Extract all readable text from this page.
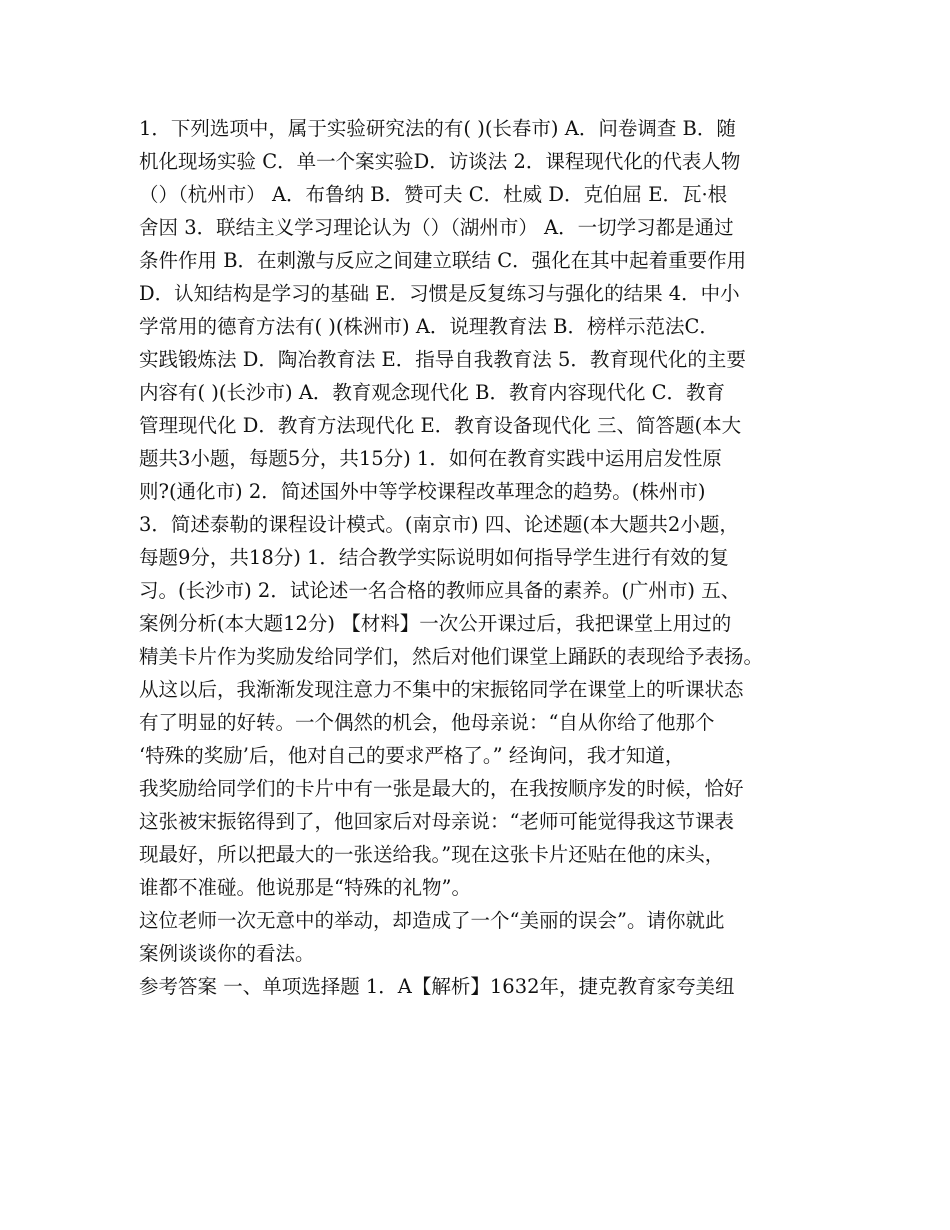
1．下列选项中，属于实验研究法的有( )(长春市) A．问卷调查 B．随
机化现场实验 C．单一个案实验D．访谈法 2．课程现代化的代表人物
（）（杭州市） A．布鲁纳 B．赞可夫 C．杜威 D．克伯屈 E．瓦·根
舍因 3．联结主义学习理论认为（）（湖州市） A．一切学习都是通过
条件作用 B．在刺激与反应之间建立联结 C．强化在其中起着重要作用
D．认知结构是学习的基础 E．习惯是反复练习与强化的结果 4．中小
学常用的德育方法有( )(株洲市) A．说理教育法 B．榜样示范法C．
实践锻炼法 D．陶冶教育法 E．指导自我教育法 5．教育现代化的主要
内容有( )(长沙市) A．教育观念现代化 B．教育内容现代化 C．教育
管理现代化 D．教育方法现代化 E．教育设备现代化 三、简答题(本大
题共3小题，每题5分，共15分) 1．如何在教育实践中运用启发性原
则?(通化市) 2．简述国外中等学校课程改革理念的趋势。(株州市)
3．简述泰勒的课程设计模式。(南京市) 四、论述题(本大题共2小题，
每题9分，共18分) 1．结合教学实际说明如何指导学生进行有效的复
习。(长沙市) 2．试论述一名合格的教师应具备的素养。(广州市) 五、
案例分析(本大题12分) 【材料】一次公开课过后，我把课堂上用过的
精美卡片作为奖励发给同学们，然后对他们课堂上踊跃的表现给予表扬。
从这以后，我渐渐发现注意力不集中的宋振铭同学在课堂上的听课状态
有了明显的好转。一个偶然的机会，他母亲说：“自从你给了他那个
‘特殊的奖励’后，他对自己的要求严格了。” 经询问，我才知道，
我奖励给同学们的卡片中有一张是最大的，在我按顺序发的时候，恰好
这张被宋振铭得到了，他回家后对母亲说：“老师可能觉得我这节课表
现最好，所以把最大的一张送给我。”现在这张卡片还贴在他的床头，
谁都不准碰。他说那是“特殊的礼物”。
这位老师一次无意中的举动，却造成了一个“美丽的误会”。请你就此
案例谈谈你的看法。
参考答案 一、单项选择题 1．A【解析】1632年，捷克教育家夸美纽
